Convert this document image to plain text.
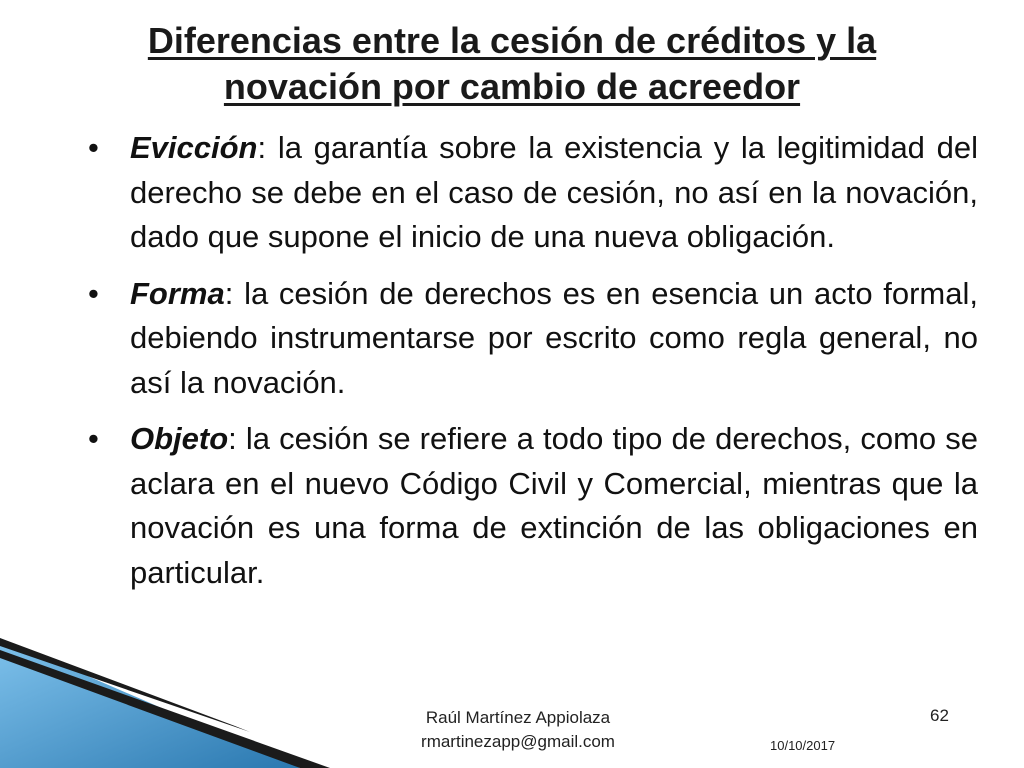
Diferencias entre la cesión de créditos y la
novación por cambio de acreedor
• Evicción: la garantía sobre la existencia y la legitimidad del derecho se debe en el caso de cesión, no así en la novación, dado que supone el inicio de una nueva obligación.
• Forma: la cesión de derechos es en esencia un acto formal, debiendo instrumentarse por escrito como regla general, no así la novación.
• Objeto: la cesión se refiere a todo tipo de derechos, como se aclara en el nuevo Código Civil y Comercial, mientras que la novación es una forma de extinción de las obligaciones en particular.
Raúl Martínez Appiolaza
rmartinezapp@gmail.com
62
10/10/2017
